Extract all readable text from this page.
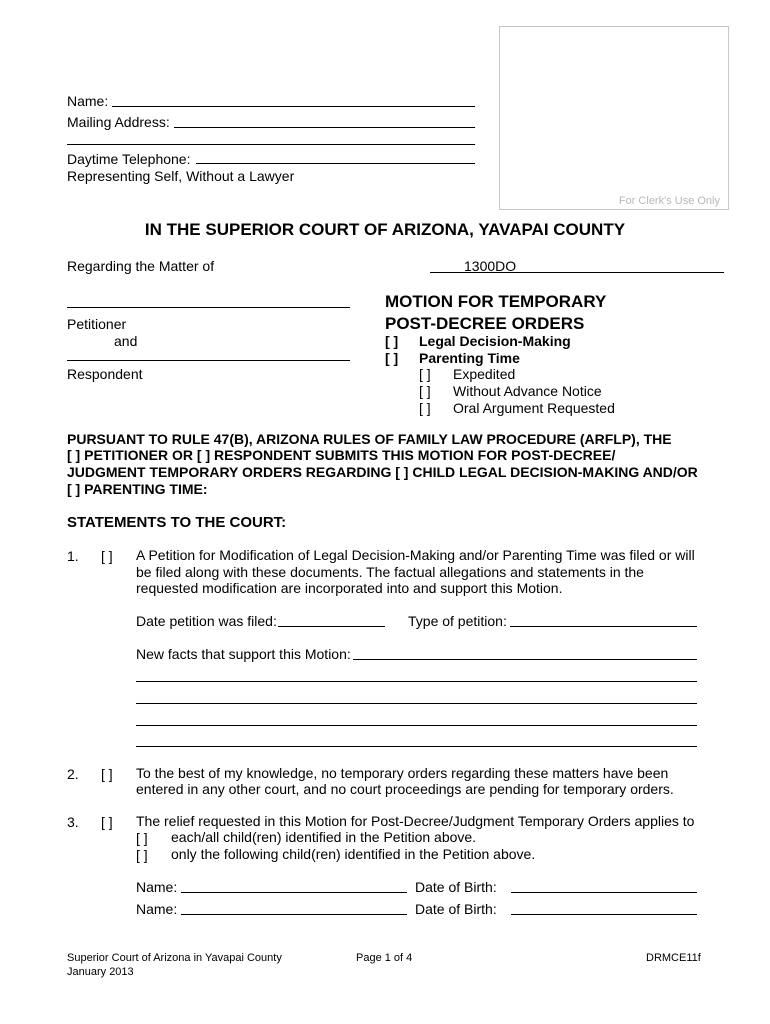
Name:
Mailing Address:
Daytime Telephone:
Representing Self, Without a Lawyer
For Clerk's Use Only
IN THE SUPERIOR COURT OF ARIZONA, YAVAPAI COUNTY
Regarding the Matter of	1300DO
Petitioner
and
Respondent
MOTION FOR TEMPORARY
POST-DECREE ORDERS
[ ] Legal Decision-Making
[ ] Parenting Time
[ ] Expedited
[ ] Without Advance Notice
[ ] Oral Argument Requested
PURSUANT TO RULE 47(B), ARIZONA RULES OF FAMILY LAW PROCEDURE (ARFLP), THE
[ ] PETITIONER OR [ ] RESPONDENT SUBMITS THIS MOTION FOR POST-DECREE/
JUDGMENT TEMPORARY ORDERS REGARDING [ ] CHILD LEGAL DECISION-MAKING AND/OR
[ ] PARENTING TIME:
STATEMENTS TO THE COURT:
1. [ ] A Petition for Modification of Legal Decision-Making and/or Parenting Time was filed or will
be filed along with these documents. The factual allegations and statements in the
requested modification are incorporated into and support this Motion.
Date petition was filed:	Type of petition:
New facts that support this Motion:
2. [ ] To the best of my knowledge, no temporary orders regarding these matters have been
entered in any other court, and no court proceedings are pending for temporary orders.
3. [ ] The relief requested in this Motion for Post-Decree/Judgment Temporary Orders applies to
[ ] each/all child(ren) identified in the Petition above.
[ ] only the following child(ren) identified in the Petition above.
Name:	Date of Birth:
Name:	Date of Birth:
Superior Court of Arizona in Yavapai County
January 2013
Page 1 of 4	DRMCE11f
